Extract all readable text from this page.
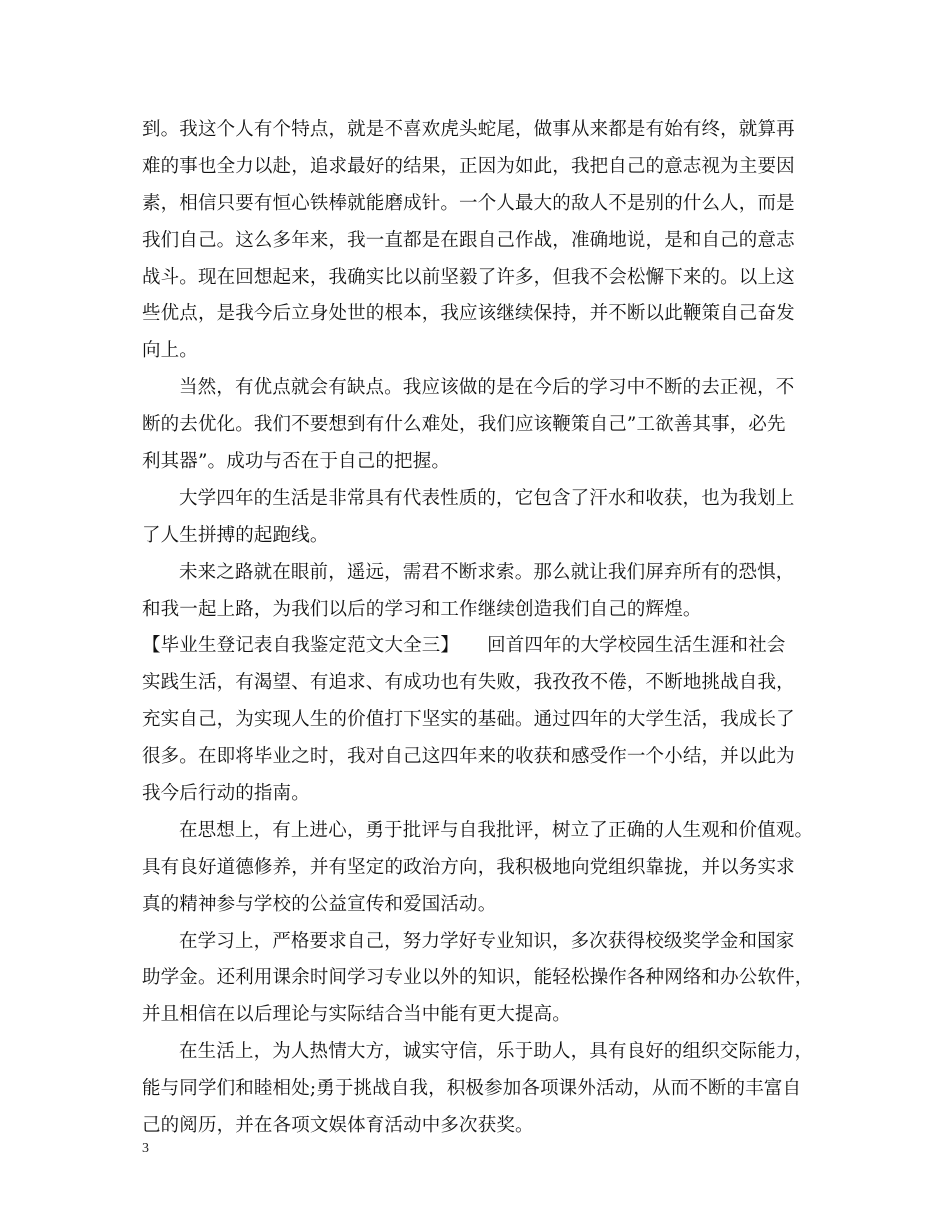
到。我这个人有个特点，就是不喜欢虎头蛇尾，做事从来都是有始有终，就算再
难的事也全力以赴，追求最好的结果，正因为如此，我把自己的意志视为主要因
素，相信只要有恒心铁棒就能磨成针。一个人最大的敌人不是别的什么人，而是
我们自己。这么多年来，我一直都是在跟自己作战，准确地说，是和自己的意志
战斗。现在回想起来，我确实比以前坚毅了许多，但我不会松懈下来的。以上这
些优点，是我今后立身处世的根本，我应该继续保持，并不断以此鞭策自己奋发
向上。
当然，有优点就会有缺点。我应该做的是在今后的学习中不断的去正视，不
断的去优化。我们不要想到有什么难处，我们应该鞭策自己”工欲善其事，必先
利其器”。成功与否在于自己的把握。
大学四年的生活是非常具有代表性质的，它包含了汗水和收获，也为我划上
了人生拼搏的起跑线。
未来之路就在眼前，遥远，需君不断求索。那么就让我们屏弃所有的恐惧，
和我一起上路，为我们以后的学习和工作继续创造我们自己的辉煌。
【毕业生登记表自我鉴定范文大全三】　　回首四年的大学校园生活生涯和社会
实践生活，有渴望、有追求、有成功也有失败，我孜孜不倦，不断地挑战自我，
充实自己，为实现人生的价值打下坚实的基础。通过四年的大学生活，我成长了
很多。在即将毕业之时，我对自己这四年来的收获和感受作一个小结，并以此为
我今后行动的指南。
在思想上，有上进心，勇于批评与自我批评，树立了正确的人生观和价值观。
具有良好道德修养，并有坚定的政治方向，我积极地向党组织靠拢，并以务实求
真的精神参与学校的公益宣传和爱国活动。
在学习上，严格要求自己，努力学好专业知识，多次获得校级奖学金和国家
助学金。还利用课余时间学习专业以外的知识，能轻松操作各种网络和办公软件，
并且相信在以后理论与实际结合当中能有更大提高。
在生活上，为人热情大方，诚实守信，乐于助人，具有良好的组织交际能力，
能与同学们和睦相处;勇于挑战自我，积极参加各项课外活动，从而不断的丰富自
己的阅历，并在各项文娱体育活动中多次获奖。
3
